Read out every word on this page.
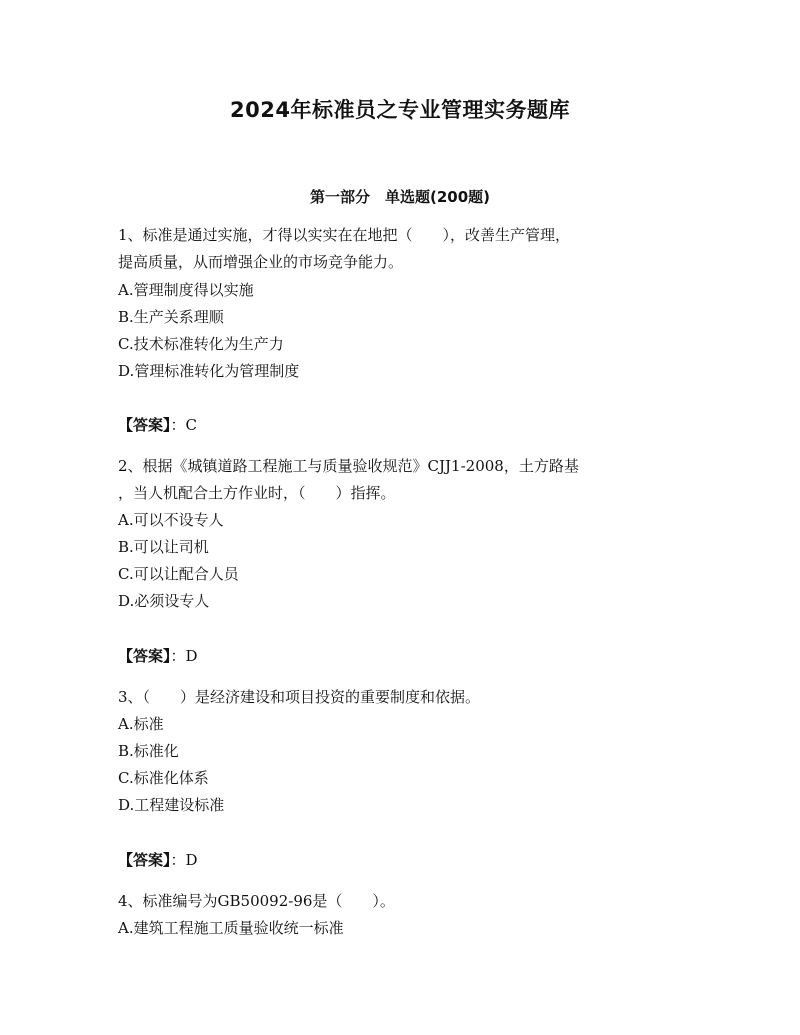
2024年标准员之专业管理实务题库
第一部分　单选题(200题)
1、标准是通过实施，才得以实实在在地把（　　），改善生产管理，
提高质量，从而增强企业的市场竞争能力。
A.管理制度得以实施
B.生产关系理顺
C.技术标准转化为生产力
D.管理标准转化为管理制度
【答案】：C
2、根据《城镇道路工程施工与质量验收规范》CJJ1-2008，土方路基
，当人机配合土方作业时，（　　）指挥。
A.可以不设专人
B.可以让司机
C.可以让配合人员
D.必须设专人
【答案】：D
3、（　　）是经济建设和项目投资的重要制度和依据。
A.标准
B.标准化
C.标准化体系
D.工程建设标准
【答案】：D
4、标准编号为GB50092-96是（　　）。
A.建筑工程施工质量验收统一标准
